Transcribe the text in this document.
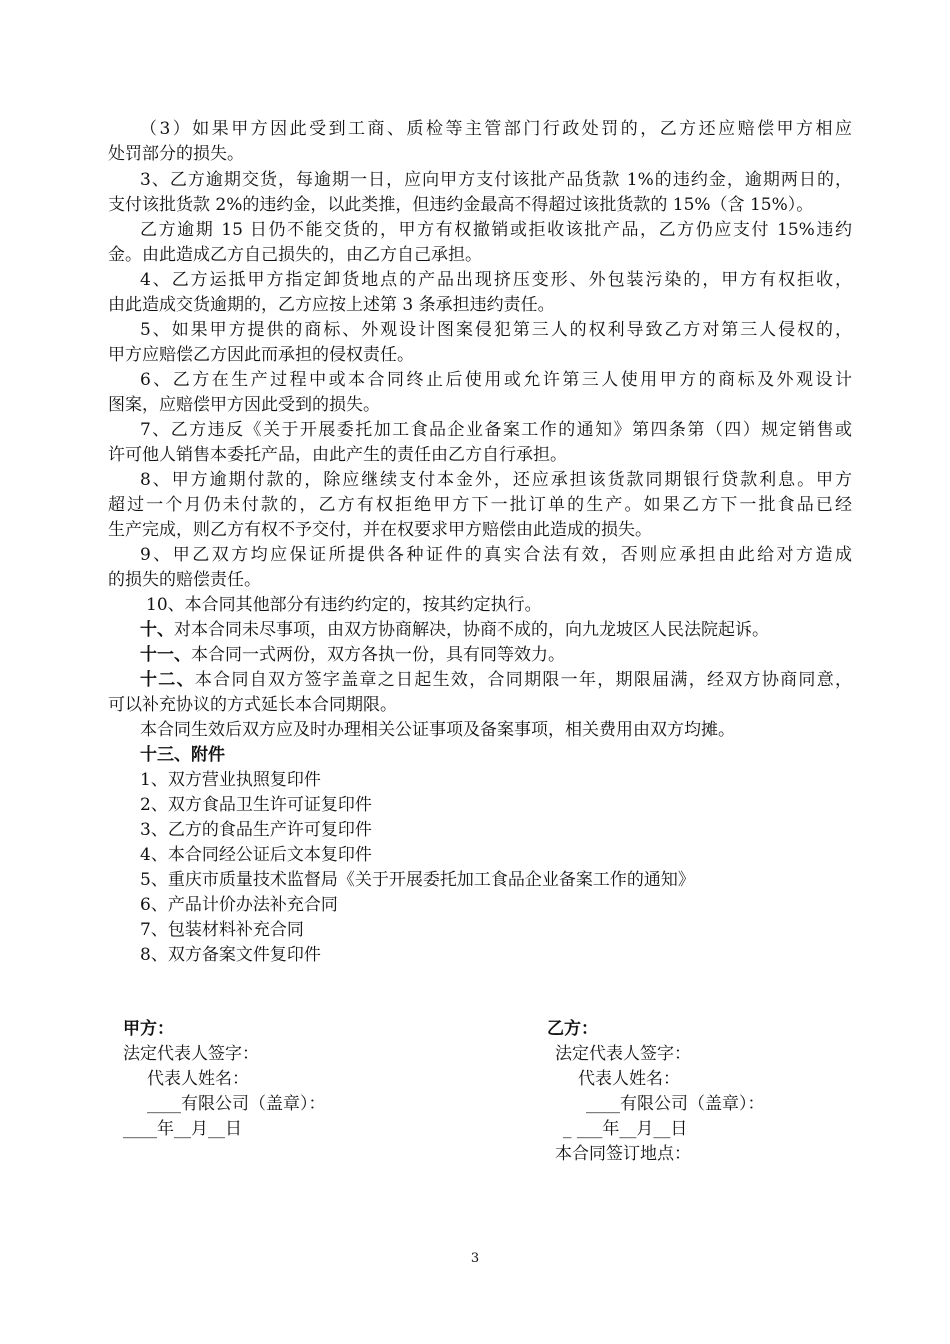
（3）如果甲方因此受到工商、质检等主管部门行政处罚的，乙方还应赔偿甲方相应
处罚部分的损失。
3、乙方逾期交货，每逾期一日，应向甲方支付该批产品货款 1%的违约金，逾期两日的，
支付该批货款 2%的违约金，以此类推，但违约金最高不得超过该批货款的 15%（含 15%）。
乙方逾期 15 日仍不能交货的，甲方有权撤销或拒收该批产品，乙方仍应支付 15%违约
金。由此造成乙方自己损失的，由乙方自己承担。
4、乙方运抵甲方指定卸货地点的产品出现挤压变形、外包装污染的，甲方有权拒收，
由此造成交货逾期的，乙方应按上述第 3 条承担违约责任。
5、如果甲方提供的商标、外观设计图案侵犯第三人的权利导致乙方对第三人侵权的，
甲方应赔偿乙方因此而承担的侵权责任。
6、乙方在生产过程中或本合同终止后使用或允许第三人使用甲方的商标及外观设计
图案，应赔偿甲方因此受到的损失。
7、乙方违反《关于开展委托加工食品企业备案工作的通知》第四条第（四）规定销售或
许可他人销售本委托产品，由此产生的责任由乙方自行承担。
8、甲方逾期付款的，除应继续支付本金外，还应承担该货款同期银行贷款利息。甲方
超过一个月仍未付款的，乙方有权拒绝甲方下一批订单的生产。如果乙方下一批食品已经
生产完成，则乙方有权不予交付，并在权要求甲方赔偿由此造成的损失。
9、甲乙双方均应保证所提供各种证件的真实合法有效，否则应承担由此给对方造成
的损失的赔偿责任。
10、本合同其他部分有违约约定的，按其约定执行。
十、对本合同未尽事项，由双方协商解决，协商不成的，向九龙坡区人民法院起诉。
十一、本合同一式两份，双方各执一份，具有同等效力。
十二、本合同自双方签字盖章之日起生效，合同期限一年，期限届满，经双方协商同意，
可以补充协议的方式延长本合同期限。
本合同生效后双方应及时办理相关公证事项及备案事项，相关费用由双方均摊。
十三、附件
1、双方营业执照复印件
2、双方食品卫生许可证复印件
3、乙方的食品生产许可复印件
4、本合同经公证后文本复印件
5、重庆市质量技术监督局《关于开展委托加工食品企业备案工作的通知》
6、产品计价办法补充合同
7、包装材料补充合同
8、双方备案文件复印件
甲方：
法定代表人签字：
代表人姓名：
____有限公司（盖章）：
____年__月__日
乙方：
法定代表人签字：
代表人姓名：
____有限公司（盖章）：
_ ___年__月__日
本合同签订地点：
3
